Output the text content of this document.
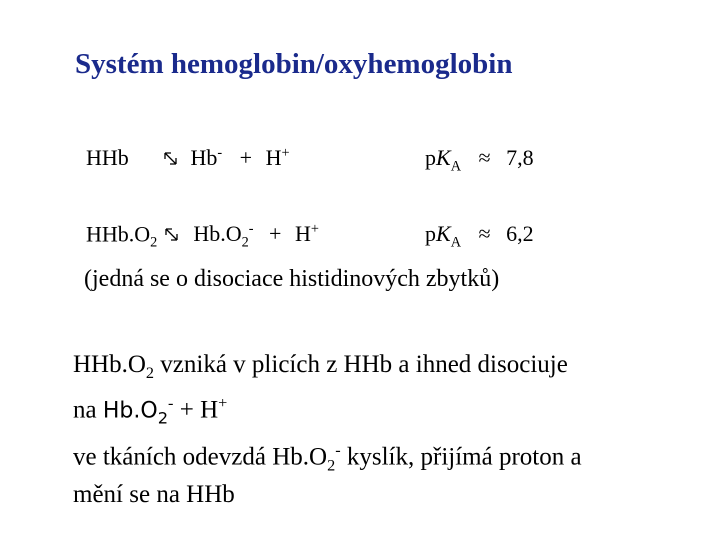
Systém hemoglobin/oxyhemoglobin
HHb ⇌ Hb- + H+	$pK_A \approx 7,8$
$HHb.O_2$ ⇌ $Hb.O_2^- + H^+$	$pK_A \approx 6,2$
(jedná se o disociace histidinových zbytků)
$HHb.O_2$ vzniká v plicích z HHb a ihned disociuje
na $Hb.O_2^- + H^+$
ve tkáních odevzdá $Hb.O_2^-$ kyslík, přijímá proton a
mění se na HHb
